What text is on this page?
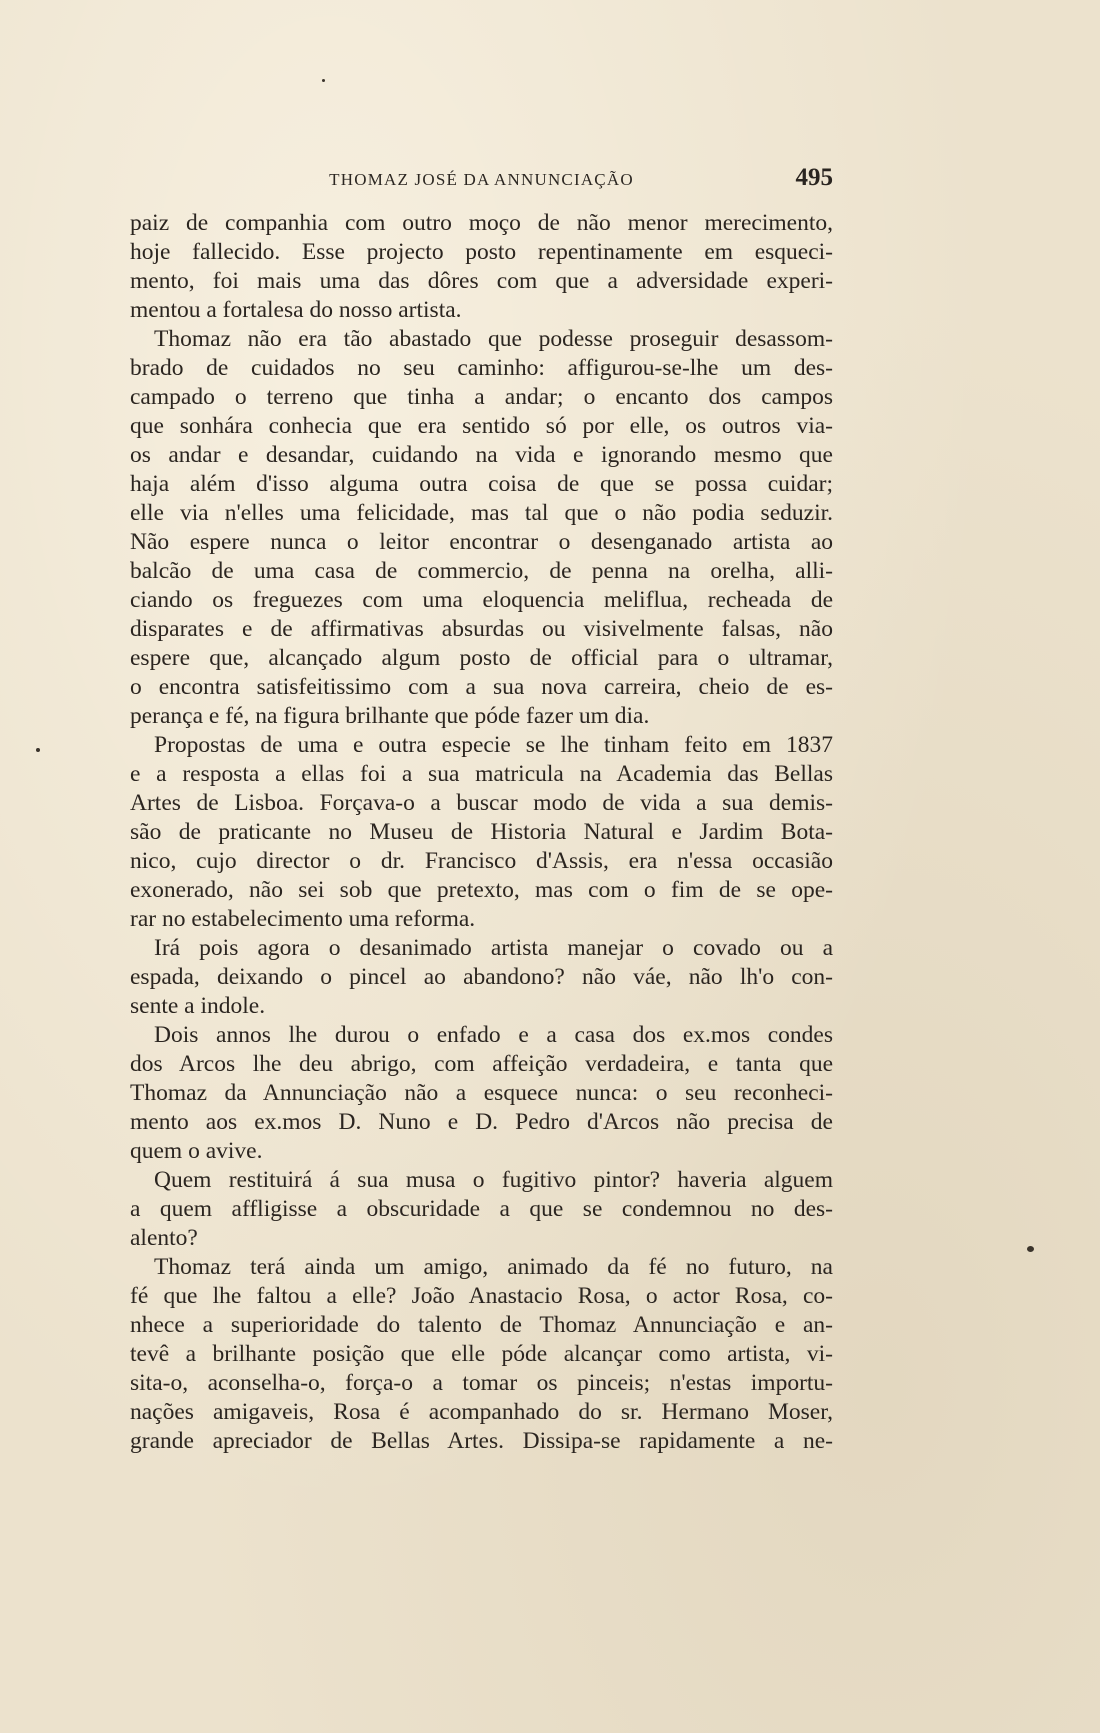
THOMAZ JOSÉ DA ANNUNCIAÇÃO	495
paiz de companhia com outro moço de não menor merecimento,
hoje fallecido. Esse projecto posto repentinamente em esqueci-
mento, foi mais uma das dôres com que a adversidade experi-
mentou a fortalesa do nosso artista.
Thomaz não era tão abastado que podesse proseguir desassom-
brado de cuidados no seu caminho: affigurou-se-lhe um des-
campado o terreno que tinha a andar; o encanto dos campos
que sonhára conhecia que era sentido só por elle, os outros via-
os andar e desandar, cuidando na vida e ignorando mesmo que
haja além d'isso alguma outra coisa de que se possa cuidar;
elle via n'elles uma felicidade, mas tal que o não podia seduzir.
Não espere nunca o leitor encontrar o desenganado artista ao
balcão de uma casa de commercio, de penna na orelha, alli-
ciando os freguezes com uma eloquencia meliflua, recheada de
disparates e de affirmativas absurdas ou visivelmente falsas, não
espere que, alcançado algum posto de official para o ultramar,
o encontra satisfeitissimo com a sua nova carreira, cheio de es-
perança e fé, na figura brilhante que póde fazer um dia.
Propostas de uma e outra especie se lhe tinham feito em 1837
e a resposta a ellas foi a sua matricula na Academia das Bellas
Artes de Lisboa. Forçava-o a buscar modo de vida a sua demis-
são de praticante no Museu de Historia Natural e Jardim Bota-
nico, cujo director o dr. Francisco d'Assis, era n'essa occasião
exonerado, não sei sob que pretexto, mas com o fim de se ope-
rar no estabelecimento uma reforma.
Irá pois agora o desanimado artista manejar o covado ou a
espada, deixando o pincel ao abandono? não váe, não lh'o con-
sente a indole.
Dois annos lhe durou o enfado e a casa dos ex.mos condes
dos Arcos lhe deu abrigo, com affeição verdadeira, e tanta que
Thomaz da Annunciação não a esquece nunca: o seu reconheci-
mento aos ex.mos D. Nuno e D. Pedro d'Arcos não precisa de
quem o avive.
Quem restituirá á sua musa o fugitivo pintor? haveria alguem
a quem affligisse a obscuridade a que se condemnou no des-
alento?
Thomaz terá ainda um amigo, animado da fé no futuro, na
fé que lhe faltou a elle? João Anastacio Rosa, o actor Rosa, co-
nhece a superioridade do talento de Thomaz Annunciação e an-
tevê a brilhante posição que elle póde alcançar como artista, vi-
sita-o, aconselha-o, força-o a tomar os pinceis; n'estas importu-
nações amigaveis, Rosa é acompanhado do sr. Hermano Moser,
grande apreciador de Bellas Artes. Dissipa-se rapidamente a ne-
